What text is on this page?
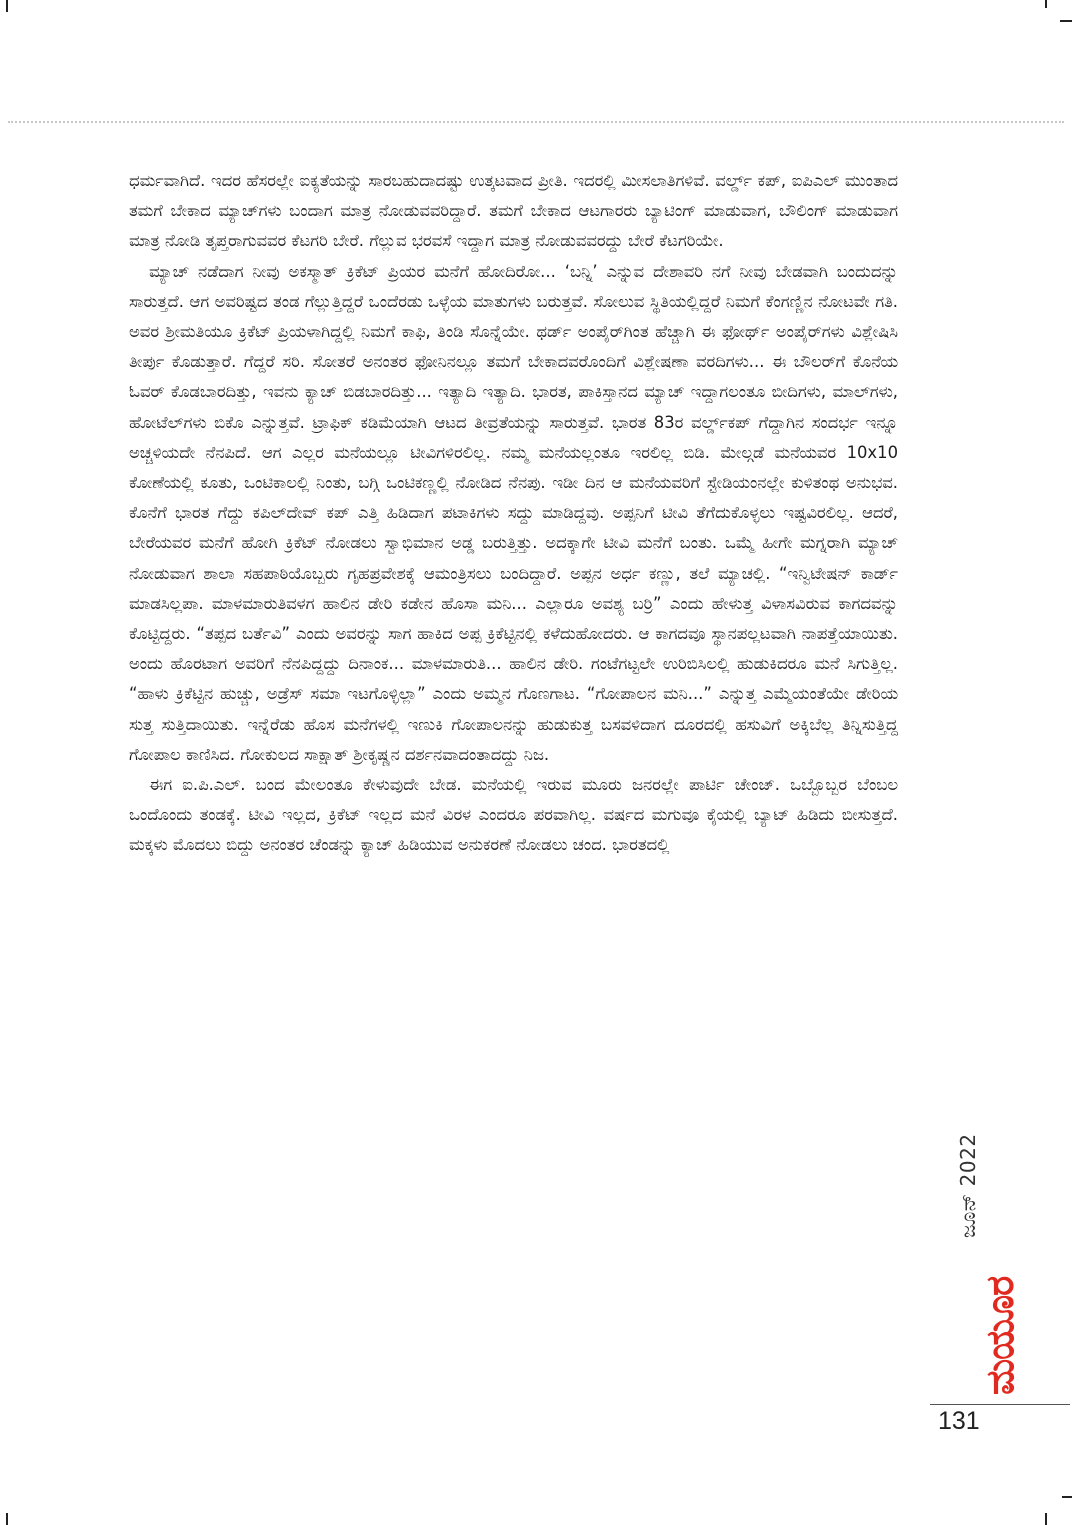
ಧರ್ಮವಾಗಿದೆ. ಇದರ ಹೆಸರಲ್ಲೇ ಐಕ್ಯತೆಯನ್ನು ಸಾರಬಹುದಾದಷ್ಟು ಉತ್ಕಟವಾದ ಪ್ರೀತಿ. ಇದರಲ್ಲಿ ಮೀಸಲಾತಿಗಳಿವೆ. ವರ್ಲ್ಡ್ ಕಪ್, ಐಪಿಎಲ್ ಮುಂತಾದ ತಮಗೆ ಬೇಕಾದ ಮ್ಯಾಚ್‌ಗಳು ಬಂದಾಗ ಮಾತ್ರ ನೋಡುವವರಿದ್ದಾರೆ. ತಮಗೆ ಬೇಕಾದ ಆಟಗಾರರು ಬ್ಯಾಟಿಂಗ್ ಮಾಡುವಾಗ, ಬೌಲಿಂಗ್ ಮಾಡುವಾಗ ಮಾತ್ರ ನೋಡಿ ತೃಪ್ತರಾಗುವವರ ಕೆಟಗರಿ ಬೇರೆ. ಗೆಲ್ಲುವ ಭರವಸೆ ಇದ್ದಾಗ ಮಾತ್ರ ನೋಡುವವರದ್ದು ಬೇರೆ ಕೆಟಗರಿಯೇ.

ಮ್ಯಾಚ್ ನಡೆದಾಗ ನೀವು ಅಕಸ್ಮಾತ್ ಕ್ರಿಕೆಟ್ ಪ್ರಿಯರ ಮನೆಗೆ ಹೋದಿರೋ... ‘ಬನ್ನಿ’ ಎನ್ನುವ ದೇಶಾವರಿ ನಗೆ ನೀವು ಬೇಡವಾಗಿ ಬಂದುದನ್ನು ಸಾರುತ್ತದೆ. ಆಗ ಅವರಿಷ್ಟದ ತಂಡ ಗೆಲ್ಲುತ್ತಿದ್ದರೆ ಒಂದೆರಡು ಒಳ್ಳೆಯ ಮಾತುಗಳು ಬರುತ್ತವೆ. ಸೋಲುವ ಸ್ಥಿತಿಯಲ್ಲಿದ್ದರೆ ನಿಮಗೆ ಕೆಂಗಣ್ಣಿನ ನೋಟವೇ ಗತಿ. ಅವರ ಶ್ರೀಮತಿಯೂ ಕ್ರಿಕೆಟ್ ಪ್ರಿಯಳಾಗಿದ್ದಲ್ಲಿ ನಿಮಗೆ ಕಾಫಿ, ತಿಂಡಿ ಸೊನ್ನೆಯೇ. ಥರ್ಡ್ ಅಂಪೈರ್‌ಗಿಂತ ಹೆಚ್ಚಾಗಿ ಈ ಫೋರ್ಥ್ ಅಂಪೈರ್‌ಗಳು ವಿಶ್ಲೇಷಿಸಿ ತೀರ್ಪು ಕೊಡುತ್ತಾರೆ. ಗೆದ್ದರೆ ಸರಿ. ಸೋತರೆ ಅನಂತರ ಫೋನಿನಲ್ಲೂ ತಮಗೆ ಬೇಕಾದವರೊಂದಿಗೆ ವಿಶ್ಲೇಷಣಾ ವರದಿಗಳು... ಈ ಬೌಲರ್‌ಗೆ ಕೊನೆಯ ಓವರ್ ಕೊಡಬಾರದಿತ್ತು, ಇವನು ಕ್ಯಾಚ್ ಬಿಡಬಾರದಿತ್ತು... ಇತ್ಯಾದಿ ಇತ್ಯಾದಿ. ಭಾರತ, ಪಾಕಿಸ್ತಾನದ ಮ್ಯಾಚ್ ಇದ್ದಾಗಲಂತೂ ಬೀದಿಗಳು, ಮಾಲ್‌ಗಳು, ಹೋಟೆಲ್‌ಗಳು ಬಿಕೊ ಎನ್ನುತ್ತವೆ. ಟ್ರಾಫಿಕ್ ಕಡಿಮೆಯಾಗಿ ಆಟದ ತೀವ್ರತೆಯನ್ನು ಸಾರುತ್ತವೆ. ಭಾರತ 83ರ ವರ್ಲ್ಡ್‌ಕಪ್ ಗೆದ್ದಾಗಿನ ಸಂದರ್ಭ ಇನ್ನೂ ಅಚ್ಚಳಿಯದೇ ನೆನಪಿದೆ. ಆಗ ಎಲ್ಲರ ಮನೆಯಲ್ಲೂ ಟೀವಿಗಳಿರಲಿಲ್ಲ. ನಮ್ಮ ಮನೆಯಲ್ಲಂತೂ ಇರಲಿಲ್ಲ ಬಿಡಿ. ಮೇಲ್ಗಡೆ ಮನೆಯವರ 10x10 ಕೋಣೆಯಲ್ಲಿ ಕೂತು, ಒಂಟಿಕಾಲಲ್ಲಿ ನಿಂತು, ಬಗ್ಗಿ ಒಂಟಿಕಣ್ಣಲ್ಲಿ ನೋಡಿದ ನೆನಪು. ಇಡೀ ದಿನ ಆ ಮನೆಯವರಿಗೆ ಸ್ಟೇಡಿಯಂನಲ್ಲೇ ಕುಳಿತಂಥ ಅನುಭವ. ಕೊನೆಗೆ ಭಾರತ ಗೆದ್ದು ಕಪಿಲ್‌ದೇವ್ ಕಪ್ ಎತ್ತಿ ಹಿಡಿದಾಗ ಪಟಾಕಿಗಳು ಸದ್ದು ಮಾಡಿದ್ದವು. ಅಪ್ಪನಿಗೆ ಟೀವಿ ತೆಗೆದುಕೊಳ್ಳಲು ಇಷ್ಟವಿರಲಿಲ್ಲ. ಆದರೆ, ಬೇರೆಯವರ ಮನೆಗೆ ಹೋಗಿ ಕ್ರಿಕೆಟ್ ನೋಡಲು ಸ್ವಾಭಿಮಾನ ಅಡ್ಡ ಬರುತ್ತಿತ್ತು. ಅದಕ್ಕಾಗೇ ಟೀವಿ ಮನೆಗೆ ಬಂತು. ಒಮ್ಮೆ ಹೀಗೇ ಮಗ್ನರಾಗಿ ಮ್ಯಾಚ್ ನೋಡುವಾಗ ಶಾಲಾ ಸಹಪಾಠಿಯೊಬ್ಬರು ಗೃಹಪ್ರವೇಶಕ್ಕೆ ಆಮಂತ್ರಿಸಲು ಬಂದಿದ್ದಾರೆ. ಅಪ್ಪನ ಅರ್ಧ ಕಣ್ಣು, ತಲೆ ಮ್ಯಾಚಲ್ಲಿ. “ಇನ್ವಿಟೇಷನ್ ಕಾರ್ಡ್ ಮಾಡಸಿಲ್ಲಪಾ. ಮಾಳಮಾರುತಿವಳಗ ಹಾಲಿನ ಡೇರಿ ಕಡೇನ ಹೊಸಾ ಮನಿ... ಎಲ್ಲಾರೂ ಅವಶ್ಯ ಬರ್ರಿ” ಎಂದು ಹೇಳುತ್ತ ವಿಳಾಸವಿರುವ ಕಾಗದವನ್ನು ಕೊಟ್ಟಿದ್ದರು. “ತಪ್ಪದ ಬರ್ತೆವಿ” ಎಂದು ಅವರನ್ನು ಸಾಗ ಹಾಕಿದ ಅಪ್ಪ ಕ್ರಿಕೆಟ್ಟಿನಲ್ಲಿ ಕಳೆದುಹೋದರು. ಆ ಕಾಗದವೂ ಸ್ಥಾನಪಲ್ಲಟವಾಗಿ ನಾಪತ್ತೆಯಾಯಿತು. ಅಂದು ಹೊರಟಾಗ ಅವರಿಗೆ ನೆನಪಿದ್ದದ್ದು ದಿನಾಂಕ... ಮಾಳಮಾರುತಿ... ಹಾಲಿನ ಡೇರಿ. ಗಂಟೆಗಟ್ಟಲೇ ಉರಿಬಿಸಿಲಲ್ಲಿ ಹುಡುಕಿದರೂ ಮನೆ ಸಿಗುತ್ತಿಲ್ಲ. “ಹಾಳು ಕ್ರಿಕೆಟ್ಟಿನ ಹುಚ್ಚು, ಅಡ್ರೆಸ್ ಸಮಾ ಇಟಗೊಳ್ಳಿಲ್ಲಾ” ಎಂದು ಅಮ್ಮನ ಗೊಣಗಾಟ. “ಗೋಪಾಲನ ಮನಿ...” ಎನ್ನುತ್ತ ಎಮ್ಮೆಯಂತೆಯೇ ಡೇರಿಯ ಸುತ್ತ ಸುತ್ತಿದಾಯಿತು. ಇನ್ನೆರೆಡು ಹೊಸ ಮನೆಗಳಲ್ಲಿ ಇಣುಕಿ ಗೋಪಾಲನನ್ನು ಹುಡುಕುತ್ತ ಬಸವಳಿದಾಗ ದೂರದಲ್ಲಿ ಹಸುವಿಗೆ ಅಕ್ಕಿಬೆಲ್ಲ ತಿನ್ನಿಸುತ್ತಿದ್ದ ಗೋಪಾಲ ಕಾಣಿಸಿದ. ಗೋಕುಲದ ಸಾಕ್ಷಾತ್ ಶ್ರೀಕೃಷ್ಣನ ದರ್ಶನವಾದಂತಾದದ್ದು ನಿಜ.

ಈಗ ಐ.ಪಿ.ಎಲ್. ಬಂದ ಮೇಲಂತೂ ಕೇಳುವುದೇ ಬೇಡ. ಮನೆಯಲ್ಲಿ ಇರುವ ಮೂರು ಜನರಲ್ಲೇ ಪಾರ್ಟಿ ಚೇಂಜ್. ಒಬ್ಬೊಬ್ಬರ ಬೆಂಬಲ ಒಂದೊಂದು ತಂಡಕ್ಕೆ. ಟೀವಿ ಇಲ್ಲದ, ಕ್ರಿಕೆಟ್ ಇಲ್ಲದ ಮನೆ ವಿರಳ ಎಂದರೂ ಪರವಾಗಿಲ್ಲ. ವರ್ಷದ ಮಗುವೂ ಕೈಯಲ್ಲಿ ಬ್ಯಾಟ್ ಹಿಡಿದು ಬೀಸುತ್ತದೆ. ಮಕ್ಕಳು ಮೊದಲು ಬಿದ್ದು ಅನಂತರ ಚೆಂಡನ್ನು ಕ್ಯಾಚ್ ಹಿಡಿಯುವ ಅನುಕರಣೆ ನೋಡಲು ಚಂದ. ಭಾರತದಲ್ಲಿ

ಜೂನ್ 2022
ಮಯೂರ
131
